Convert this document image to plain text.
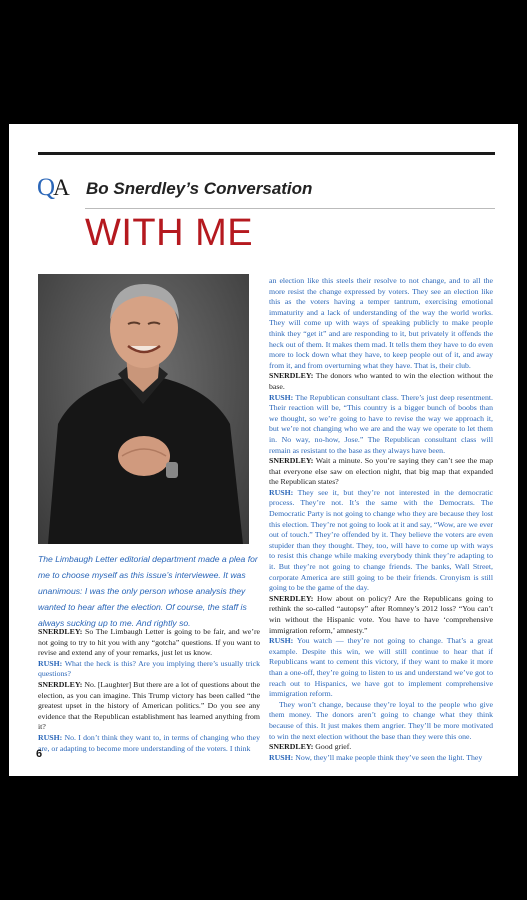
QA Bo Snerdley’s Conversation
WITH ME

The Limbaugh Letter editorial department made a plea for me to choose myself as this issue’s interviewee. It was unanimous: I was the only person whose analysis they wanted to hear after the election. Of course, the staff is always sucking up to me. And rightly so.

SNERDLEY: So The Limbaugh Letter is going to be fair, and we’re not going to try to hit you with any “gotcha” questions. If you want to revise and extend any of your remarks, just let us know.

RUSH: What the heck is this? Are you implying there’s usually trick questions?

SNERDLEY: No. [Laughter] But there are a lot of questions about the election, as you can imagine. This Trump victory has been called “the greatest upset in the history of American politics.” Do you see any evidence that the Republican establishment has learned anything from it?

RUSH: No. I don’t think they want to, in terms of changing who they are, or adapting to become more understanding of the voters. I think

an election like this steels their resolve to not change, and to all the more resist the change expressed by voters. They see an election like this as the voters having a temper tantrum, exercising emotional immaturity and a lack of understanding of the way the world works. They will come up with ways of speaking publicly to make people think they “get it” and are responding to it, but privately it offends the heck out of them. It makes them mad. It tells them they have to do even more to lock down what they have, to keep people out of it, and away from it, and from overturning what they have. That is, their club.

SNERDLEY: The donors who wanted to win the election without the base.

RUSH: The Republican consultant class. There’s just deep resentment. Their reaction will be, “This country is a bigger bunch of boobs than we thought, so we’re going to have to revise the way we approach it, but we’re not changing who we are and the way we operate to let them in. No way, no-how, Jose.” The Republican consultant class will remain as resistant to the base as they always have been.

SNERDLEY: Wait a minute. So you’re saying they can’t see the map that everyone else saw on election night, that big map that expanded the Republican states?

RUSH: They see it, but they’re not interested in the democratic process. They’re not. It’s the same with the Democrats. The Democratic Party is not going to change who they are because they lost this election. They’re not going to look at it and say, “Wow, are we ever out of touch.” They’re offended by it. They believe the voters are even stupider than they thought. They, too, will have to come up with ways to resist this change while making everybody think they’re adapting to it. But they’re not going to change friends. The banks, Wall Street, corporate America are still going to be their friends. Cronyism is still going to be the game of the day.

SNERDLEY: How about on policy? Are the Republicans going to rethink the so-called “autopsy” after Romney’s 2012 loss? “You can’t win without the Hispanic vote. You have to have ‘comprehensive immigration reform,’ amnesty.”

RUSH: You watch — they’re not going to change. That’s a great example. Despite this win, we will still continue to hear that if Republicans want to cement this victory, if they want to make it more than a one-off, they’re going to listen to us and understand we’ve got to reach out to Hispanics, we have got to implement comprehensive immigration reform.

They won’t change, because they’re loyal to the people who give them money. The donors aren’t going to change what they think because of this. It just makes them angrier. They’ll be more motivated to win the next election without the base than they were this one.

SNERDLEY: Good grief.

RUSH: Now, they’ll make people think they’ve seen the light. They

6
